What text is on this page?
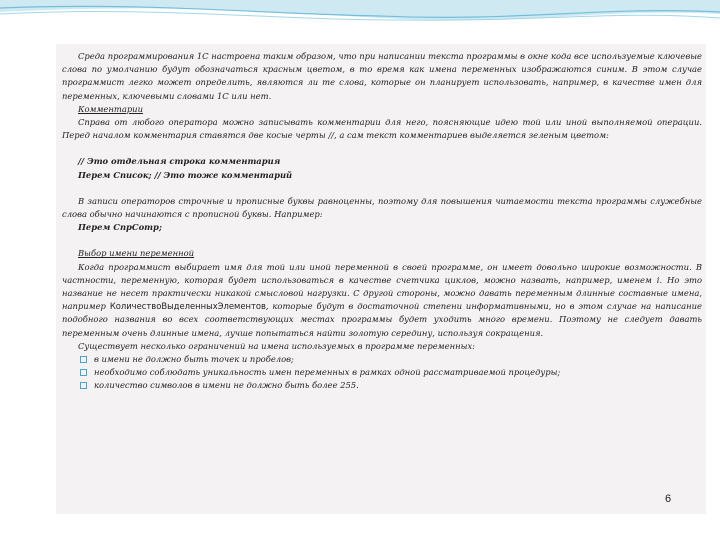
Среда программирования 1С настроена таким образом, что при написании текста программы в окне кода все используемые ключевые слова по умолчанию будут обозначаться красным цветом, в то время как имена переменных изображаются синим. В этом случае программист легко может определить, являются ли те слова, которые он планирует использовать, например, в качестве имен для переменных, ключевыми словами 1С или нет.

Комментарии

Справа от любого оператора можно записывать комментарии для него, поясняющие идею той или иной выполняемой операции. Перед началом комментария ставятся две косые черты //, а сам текст комментариев выделяется зеленым цветом:

// Это отдельная строка комментария

Перем Список; // Это тоже комментарий

В записи операторов строчные и прописные буквы равноценны, поэтому для повышения читаемости текста программы служебные слова обычно начинаются с прописной буквы. Например:

Перем СпрСотр;

Выбор имени переменной

Когда программист выбирает имя для той или иной переменной в своей программе, он имеет довольно широкие возможности. В частности, переменную, которая будет использоваться в качестве счетчика циклов, можно назвать, например, именем i. Но это название не несет практически никакой смысловой нагрузки. С другой стороны, можно давать переменным длинные составные имена, например КоличествоВыделенныхЭлементов, которые будут в достаточной степени информативными, но в этом случае на написание подобного названия во всех соответствующих местах программы будет уходить много времени. Поэтому не следует давать переменным очень длинные имена, лучше попытаться найти золотую середину, используя сокращения.

Существует несколько ограничений на имена используемых в программе переменных:

в имени не должно быть точек и пробелов;
необходимо соблюдать уникальность имен переменных в рамках одной рассматриваемой процедуры;
количество символов в имени не должно быть более 255.
6
